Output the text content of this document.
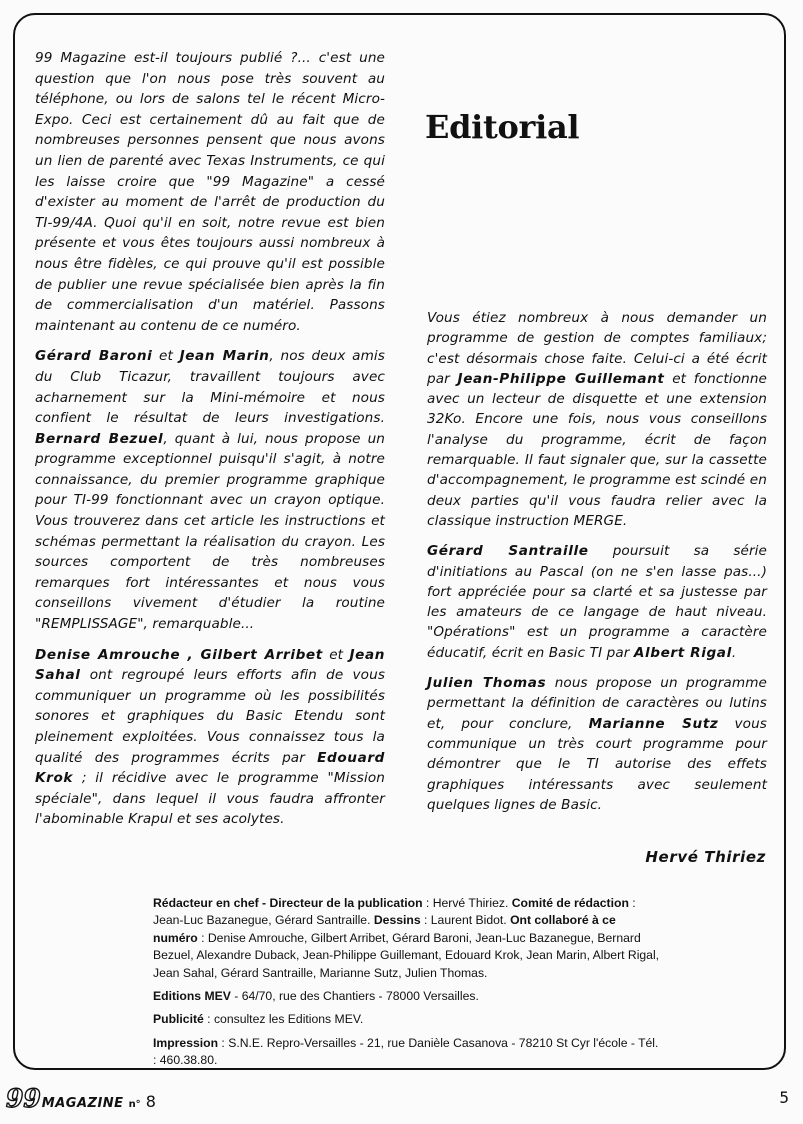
99 Magazine est-il toujours publié ?... c'est une question que l'on nous pose très souvent au téléphone, ou lors de salons tel le récent Micro-Expo. Ceci est certainement dû au fait que de nombreuses personnes pensent que nous avons un lien de parenté avec Texas Instruments, ce qui les laisse croire que "99 Magazine" a cessé d'exister au moment de l'arrêt de production du TI-99/4A. Quoi qu'il en soit, notre revue est bien présente et vous êtes toujours aussi nombreux à nous être fidèles, ce qui prouve qu'il est possible de publier une revue spécialisée bien après la fin de commercialisation d'un matériel. Passons maintenant au contenu de ce numéro.

Gérard Baroni et Jean Marin, nos deux amis du Club Ticazur, travaillent toujours avec acharnement sur la Mini-mémoire et nous confient le résultat de leurs investigations. Bernard Bezuel, quant à lui, nous propose un programme exceptionnel puisqu'il s'agit, à notre connaissance, du premier programme graphique pour TI-99 fonctionnant avec un crayon optique. Vous trouverez dans cet article les instructions et schémas permettant la réalisation du crayon. Les sources comportent de très nombreuses remarques fort intéressantes et nous vous conseillons vivement d'étudier la routine "REMPLISSAGE", remarquable...

Denise Amrouche , Gilbert Arribet et Jean Sahal ont regroupé leurs efforts afin de vous communiquer un programme où les possibilités sonores et graphiques du Basic Etendu sont pleinement exploitées. Vous connaissez tous la qualité des programmes écrits par Edouard Krok ; il récidive avec le programme "Mission spéciale", dans lequel il vous faudra affronter l'abominable Krapul et ses acolytes.

Editorial

Vous étiez nombreux à nous demander un programme de gestion de comptes familiaux; c'est désormais chose faite. Celui-ci a été écrit par Jean-Philippe Guillemant et fonctionne avec un lecteur de disquette et une extension 32Ko. Encore une fois, nous vous conseillons l'analyse du programme, écrit de façon remarquable. Il faut signaler que, sur la cassette d'accompagnement, le programme est scindé en deux parties qu'il vous faudra relier avec la classique instruction MERGE.

Gérard Santraille poursuit sa série d'initiations au Pascal (on ne s'en lasse pas...) fort appréciée pour sa clarté et sa justesse par les amateurs de ce langage de haut niveau. "Opérations" est un programme a caractère éducatif, écrit en Basic TI par Albert Rigal.

Julien Thomas nous propose un programme permettant la définition de caractères ou lutins et, pour conclure, Marianne Sutz vous communique un très court programme pour démontrer que le TI autorise des effets graphiques intéressants avec seulement quelques lignes de Basic.

Hervé Thiriez

Rédacteur en chef - Directeur de la publication : Hervé Thiriez. Comité de rédaction : Jean-Luc Bazanegue, Gérard Santraille. Dessins : Laurent Bidot. Ont collaboré à ce numéro : Denise Amrouche, Gilbert Arribet, Gérard Baroni, Jean-Luc Bazanegue, Bernard Bezuel, Alexandre Duback, Jean-Philippe Guillemant, Edouard Krok, Jean Marin, Albert Rigal, Jean Sahal, Gérard Santraille, Marianne Sutz, Julien Thomas.

Editions MEV - 64/70, rue des Chantiers - 78000 Versailles.

Publicité : consultez les Editions MEV.

Impression : S.N.E. Repro-Versailles - 21, rue Danièle Casanova - 78210 St Cyr l'école - Tél. : 460.38.80.

99 MAGAZINE n° 8	5
